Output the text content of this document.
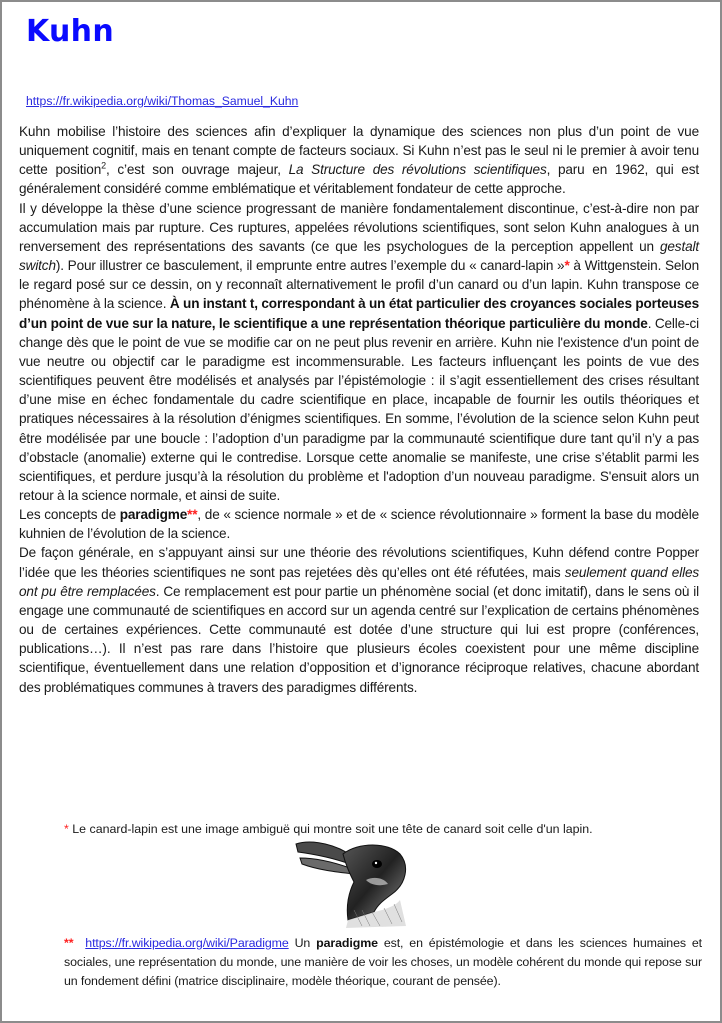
Kuhn
https://fr.wikipedia.org/wiki/Thomas_Samuel_Kuhn

Kuhn mobilise l’histoire des sciences afin d’expliquer la dynamique des sciences non plus d’un point de vue uniquement cognitif, mais en tenant compte de facteurs sociaux. Si Kuhn n’est pas le seul ni le premier à avoir tenu cette position$^2$, c’est son ouvrage majeur, La Structure des révolutions scientifiques, paru en 1962, qui est généralement considéré comme emblématique et véritablement fondateur de cette approche.

Il y développe la thèse d’une science progressant de manière fondamentalement discontinue, c’est-à-dire non par accumulation mais par rupture. Ces ruptures, appelées révolutions scientifiques, sont selon Kuhn analogues à un renversement des représentations des savants (ce que les psychologues de la perception appellent un gestalt switch). Pour illustrer ce basculement, il emprunte entre autres l’exemple du « canard-lapin »* à Wittgenstein. Selon le regard posé sur ce dessin, on y reconnaît alternativement le profil d’un canard ou d’un lapin. Kuhn transpose ce phénomène à la science. À un instant t, correspondant à un état particulier des croyances sociales porteuses d’un point de vue sur la nature, le scientifique a une représentation théorique particulière du monde. Celle-ci change dès que le point de vue se modifie car on ne peut plus revenir en arrière. Kuhn nie l'existence d'un point de vue neutre ou objectif car le paradigme est incommensurable. Les facteurs influençant les points de vue des scientifiques peuvent être modélisés et analysés par l’épistémologie : il s’agit essentiellement des crises résultant d’une mise en échec fondamentale du cadre scientifique en place, incapable de fournir les outils théoriques et pratiques nécessaires à la résolution d’énigmes scientifiques. En somme, l’évolution de la science selon Kuhn peut être modélisée par une boucle : l’adoption d’un paradigme par la communauté scientifique dure tant qu’il n’y a pas d’obstacle (anomalie) externe qui le contredise. Lorsque cette anomalie se manifeste, une crise s’établit parmi les scientifiques, et perdure jusqu’à la résolution du problème et l'adoption d’un nouveau paradigme. S'ensuit alors un retour à la science normale, et ainsi de suite.

Les concepts de paradigme**, de « science normale » et de « science révolutionnaire » forment la base du modèle kuhnien de l’évolution de la science.

De façon générale, en s’appuyant ainsi sur une théorie des révolutions scientifiques, Kuhn défend contre Popper l’idée que les théories scientifiques ne sont pas rejetées dès qu’elles ont été réfutées, mais seulement quand elles ont pu être remplacées. Ce remplacement est pour partie un phénomène social (et donc imitatif), dans le sens où il engage une communauté de scientifiques en accord sur un agenda centré sur l’explication de certains phénomènes ou de certaines expériences. Cette communauté est dotée d’une structure qui lui est propre (conférences, publications…). Il n’est pas rare dans l’histoire que plusieurs écoles coexistent pour une même discipline scientifique, éventuellement dans une relation d’opposition et d’ignorance réciproque relatives, chacune abordant des problématiques communes à travers des paradigmes différents.

* Le canard-lapin est une image ambiguë qui montre soit une tête de canard soit celle d'un lapin.
** https://fr.wikipedia.org/wiki/Paradigme Un paradigme est, en épistémologie et dans les sciences humaines et sociales, une représentation du monde, une manière de voir les choses, un modèle cohérent du monde qui repose sur un fondement défini (matrice disciplinaire, modèle théorique, courant de pensée).
